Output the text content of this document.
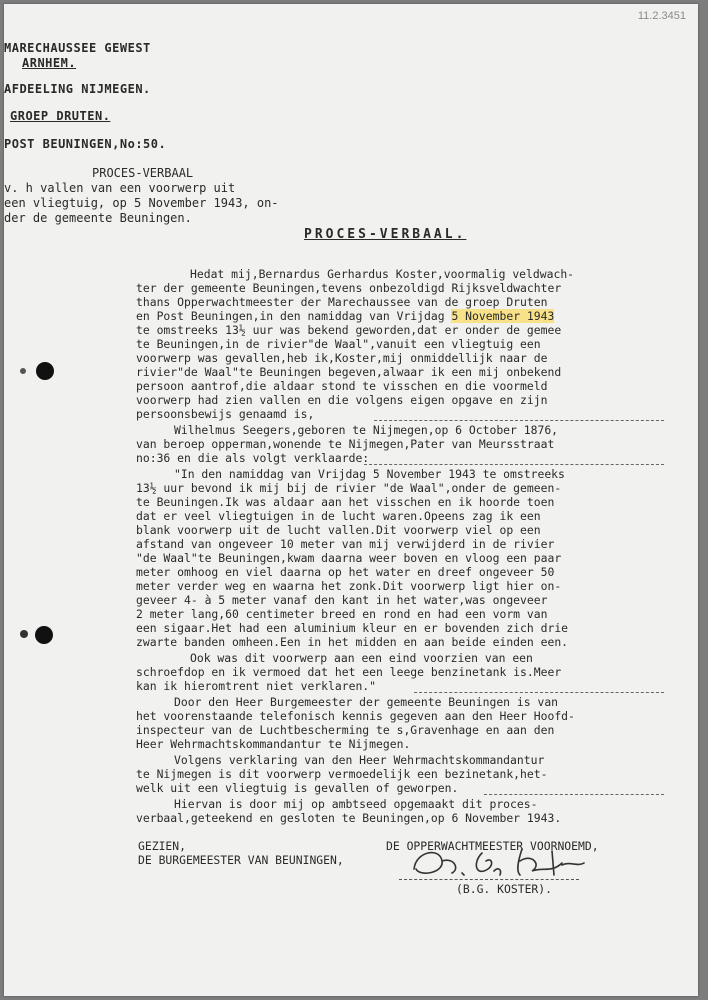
11.2.3451
MARECHAUSSEE GEWEST
ARNHEM.
AFDEELING NIJMEGEN.
GROEP DRUTEN.
POST BEUNINGEN,No:50.
PROCES-VERBAAL
v. h vallen van een voorwerp uit
een vliegtuig, op 5 November 1943, on-
der de gemeente Beuningen.
PROCES-VERBAAL.
Hedat mij,Bernardus Gerhardus Koster,voormalig veldwach-
ter der gemeente Beuningen,tevens onbezoldigd Rijksveldwachter
thans Opperwachtmeester der Marechaussee van de groep Druten
en Post Beuningen,in den namiddag van Vrijdag 5 November 1943
te omstreeks 13½ uur was bekend geworden,dat er onder de gemee
te Beuningen,in de rivier"de Waal",vanuit een vliegtuig een
voorwerp was gevallen,heb ik,Koster,mij onmiddellijk naar de
rivier"de Waal"te Beuningen begeven,alwaar ik een mij onbekend
persoon aantrof,die aldaar stond te visschen en die voormeld
voorwerp had zien vallen en die volgens eigen opgave en zijn
persoonsbewijs genaamd is,
Wilhelmus Seegers,geboren te Nijmegen,op 6 October 1876,
van beroep opperman,wonende te Nijmegen,Pater van Meursstraat
no:36 en die als volgt verklaarde:
"In den namiddag van Vrijdag 5 November 1943 te omstreeks
13½ uur bevond ik mij bij de rivier "de Waal",onder de gemeen-
te Beuningen.Ik was aldaar aan het visschen en ik hoorde toen
dat er veel vliegtuigen in de lucht waren.Opeens zag ik een
blank voorwerp uit de lucht vallen.Dit voorwerp viel op een
afstand van ongeveer 10 meter van mij verwijderd in de rivier
"de Waal"te Beuningen,kwam daarna weer boven en vloog een paar
meter omhoog en viel daarna op het water en dreef ongeveer 50
meter verder weg en waarna het zonk.Dit voorwerp ligt hier on-
geveer 4- à 5 meter vanaf den kant in het water,was ongeveer
2 meter lang,60 centimeter breed en rond en had een vorm van
een sigaar.Het had een aluminium kleur en er bovenden zich drie
zwarte banden omheen.Een in het midden en aan beide einden een.
Ook was dit voorwerp aan een eind voorzien van een
schroefdop en ik vermoed dat het een leege benzinetank is.Meer
kan ik hieromtrent niet verklaren."
Door den Heer Burgemeester der gemeente Beuningen is van
het voorenstaande telefonisch kennis gegeven aan den Heer Hoofd-
inspecteur van de Luchtbescherming te s,Gravenhage en aan den
Heer Wehrmachtskommandantur te Nijmegen.
Volgens verklaring van den Heer Wehrmachtskommandantur
te Nijmegen is dit voorwerp vermoedelijk een bezinetank,het-
welk uit een vliegtuig is gevallen of geworpen.
Hiervan is door mij op ambtseed opgemaakt dit proces-
verbaal,geteekend en gesloten te Beuningen,op 6 November 1943.
GEZIEN,
DE BURGEMEESTER VAN BEUNINGEN,
DE OPPERWACHTMEESTER VOORNOEMD,
(B.G. KOSTER).
